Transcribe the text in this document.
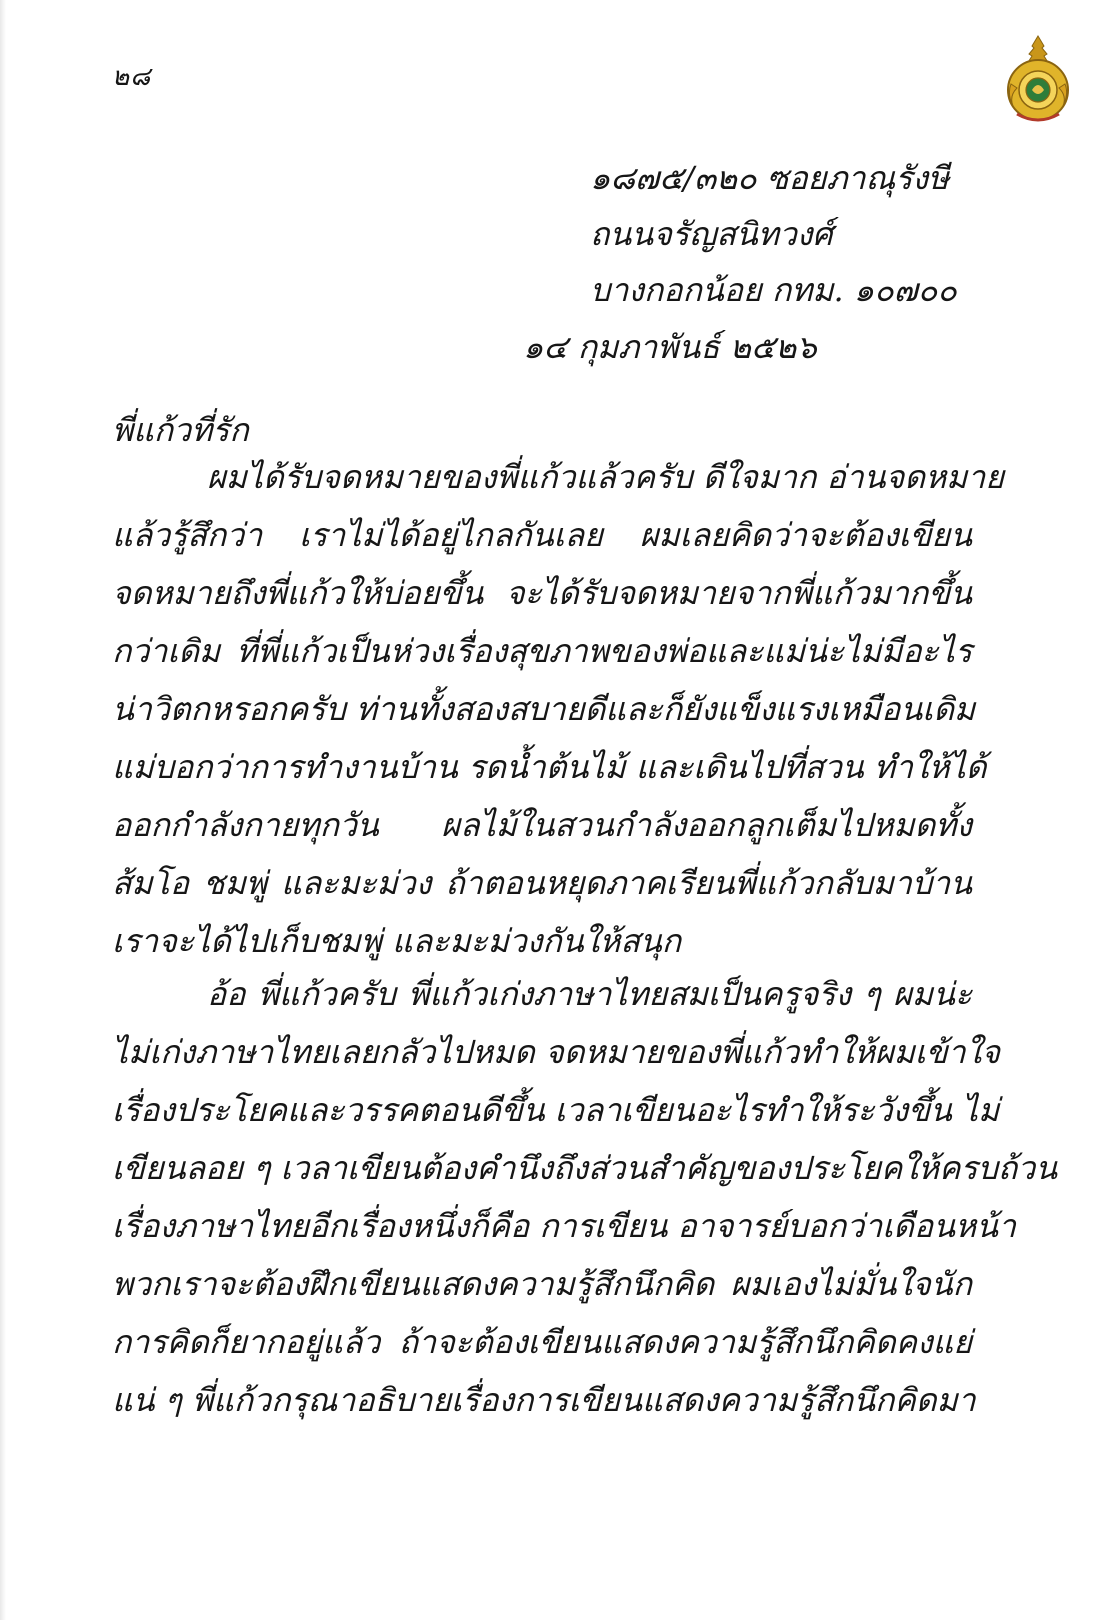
๒๘
๑๘๗๕/๓๒๐ ซอยภาณุรังษี
ถนนจรัญสนิทวงศ์
บางกอกน้อย กทม. ๑๐๗๐๐
๑๔ กุมภาพันธ์ ๒๕๒๖
พี่แก้วที่รัก
ผมได้รับจดหมายของพี่แก้วแล้วครับ ดีใจมาก อ่านจดหมาย
แล้วรู้สึกว่า เราไม่ได้อยู่ไกลกันเลย ผมเลยคิดว่าจะต้องเขียน
จดหมายถึงพี่แก้วให้บ่อยขึ้น จะได้รับจดหมายจากพี่แก้วมากขึ้น
กว่าเดิม ที่พี่แก้วเป็นห่วงเรื่องสุขภาพของพ่อและแม่น่ะไม่มีอะไร
น่าวิตกหรอกครับ ท่านทั้งสองสบายดีและก็ยังแข็งแรงเหมือนเดิม
แม่บอกว่าการทำงานบ้าน รดน้ำต้นไม้ และเดินไปที่สวน ทำให้ได้
ออกกำลังกายทุกวัน ผลไม้ในสวนกำลังออกลูกเต็มไปหมดทั้ง
ส้มโอ ชมพู่ และมะม่วง ถ้าตอนหยุดภาคเรียนพี่แก้วกลับมาบ้าน
เราจะได้ไปเก็บชมพู่ และมะม่วงกันให้สนุก
อ้อ พี่แก้วครับ พี่แก้วเก่งภาษาไทยสมเป็นครูจริง ๆ ผมน่ะ
ไม่เก่งภาษาไทยเลยกลัวไปหมด จดหมายของพี่แก้วทำให้ผมเข้าใจ
เรื่องประโยคและวรรคตอนดีขึ้น เวลาเขียนอะไรทำให้ระวังขึ้น ไม่
เขียนลอย ๆ เวลาเขียนต้องคำนึงถึงส่วนสำคัญของประโยคให้ครบถ้วน
เรื่องภาษาไทยอีกเรื่องหนึ่งก็คือ การเขียน อาจารย์บอกว่าเดือนหน้า
พวกเราจะต้องฝึกเขียนแสดงความรู้สึกนึกคิด ผมเองไม่มั่นใจนัก
การคิดก็ยากอยู่แล้ว ถ้าจะต้องเขียนแสดงความรู้สึกนึกคิดคงแย่
แน่ ๆ พี่แก้วกรุณาอธิบายเรื่องการเขียนแสดงความรู้สึกนึกคิดมา
